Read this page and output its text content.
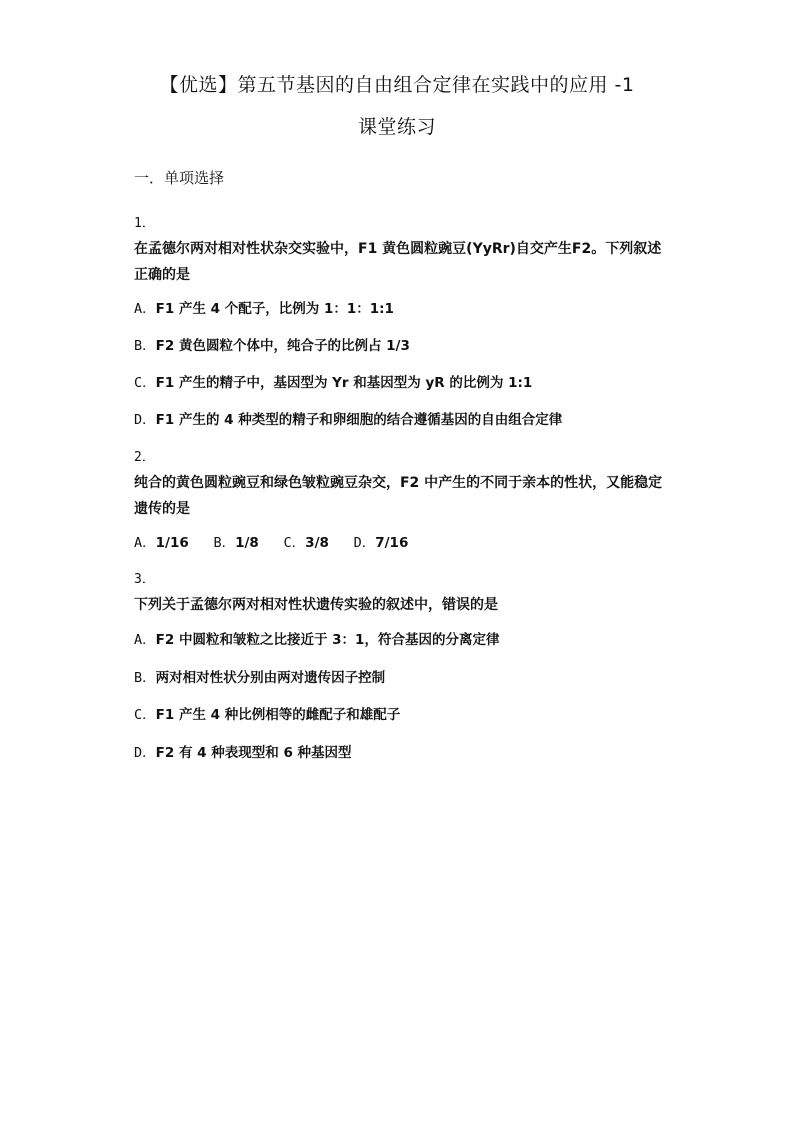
【优选】第五节基因的自由组合定律在实践中的应用 -1
课堂练习
一．单项选择
1．
在孟德尔两对相对性状杂交实验中，F1 黄色圆粒豌豆(YyRr)自交产生F2。下列叙述正确的是
A．F1 产生 4 个配子，比例为 1：1：1:1
B．F2 黄色圆粒个体中，纯合子的比例占 1/3
C．F1 产生的精子中，基因型为 Yr 和基因型为 yR 的比例为 1:1
D．F1 产生的 4 种类型的精子和卵细胞的结合遵循基因的自由组合定律
2．
纯合的黄色圆粒豌豆和绿色皱粒豌豆杂交，F2 中产生的不同于亲本的性状，又能稳定遗传的是
A．1/16 B．1/8 C．3/8 D．7/16
3．
下列关于孟德尔两对相对性状遗传实验的叙述中，错误的是
A．F2 中圆粒和皱粒之比接近于 3：1，符合基因的分离定律
B．两对相对性状分别由两对遗传因子控制
C．F1 产生 4 种比例相等的雌配子和雄配子
D．F2 有 4 种表现型和 6 种基因型
